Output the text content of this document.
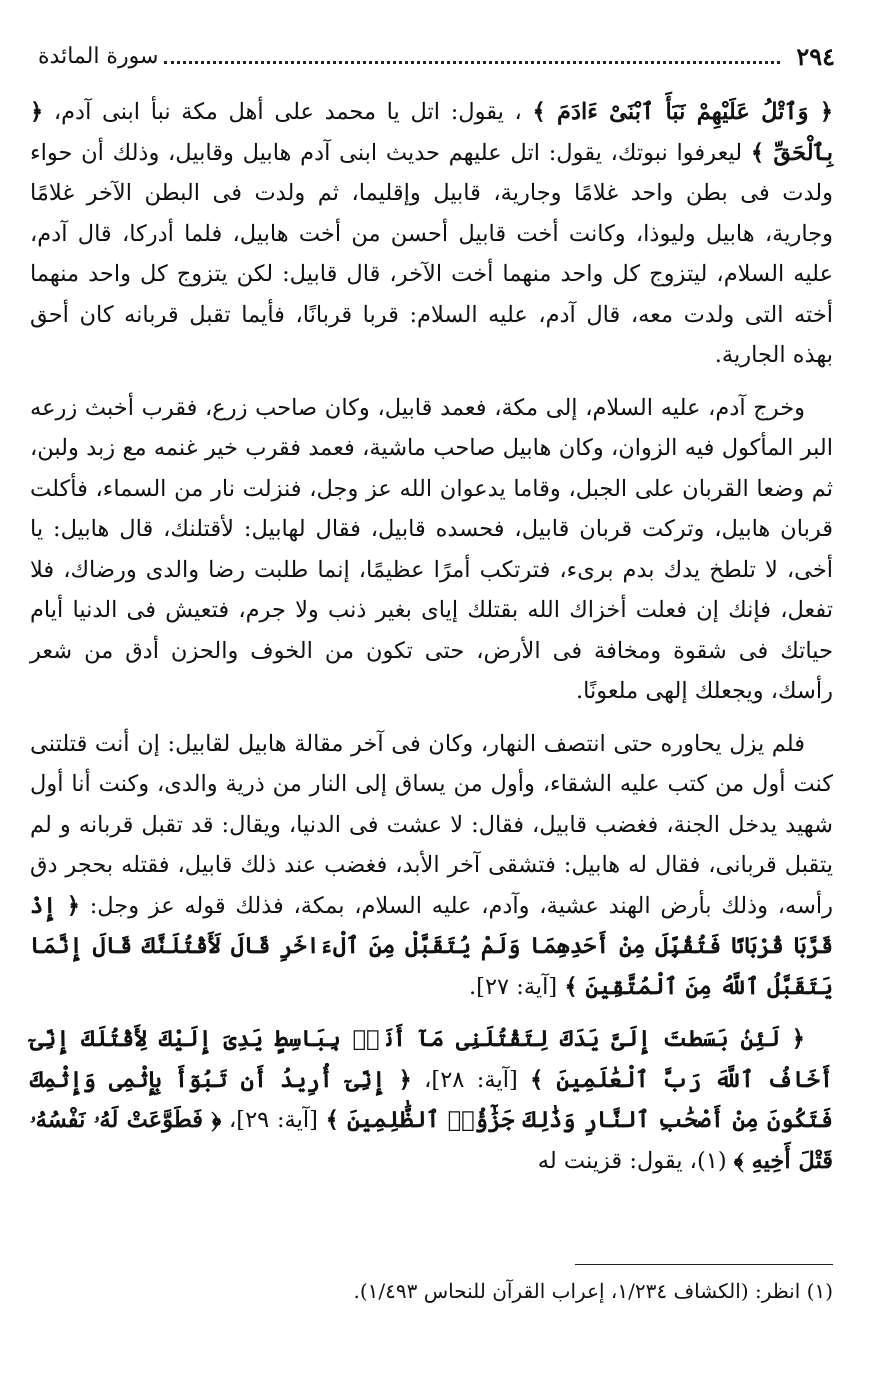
٢٩٤
سورة المائدة

﴿ وَٱتْلُ عَلَيْهِمْ نَبَأَ ٱبْنَىْ ءَادَمَ ﴾ ، يقول: اتل يا محمد على أهل مكة نبأ ابنى آدم، ﴿ بِٱلْحَقِّ ﴾ ليعرفوا نبوتك، يقول: اتل عليهم حديث ابنى آدم هابيل وقابيل، وذلك أن حواء ولدت فى بطن واحد غلامًا وجارية، قابيل وإقليما، ثم ولدت فى البطن الآخر غلامًا وجارية، هابيل وليوذا، وكانت أخت قابيل أحسن من أخت هابيل، فلما أدركا، قال آدم، عليه السلام، ليتزوج كل واحد منهما أخت الآخر، قال قابيل: لكن يتزوج كل واحد منهما أخته التى ولدت معه، قال آدم، عليه السلام: قربا قربانًا، فأيما تقبل قربانه كان أحق بهذه الجارية.

وخرج آدم، عليه السلام، إلى مكة، فعمد قابيل، وكان صاحب زرع، فقرب أخبث زرعه البر المأكول فيه الزوان، وكان هابيل صاحب ماشية، فعمد فقرب خير غنمه مع زبد ولبن، ثم وضعا القربان على الجبل، وقاما يدعوان الله عز وجل، فنزلت نار من السماء، فأكلت قربان هابيل، وتركت قربان قابيل، فحسده قابيل، فقال لهابيل: لأقتلنك، قال هابيل: يا أخى، لا تلطخ يدك بدم برىء، فترتكب أمرًا عظيمًا، إنما طلبت رضا والدى ورضاك، فلا تفعل، فإنك إن فعلت أخزاك الله بقتلك إياى بغير ذنب ولا جرم، فتعيش فى الدنيا أيام حياتك فى شقوة ومخافة فى الأرض، حتى تكون من الخوف والحزن أدق من شعر رأسك، ويجعلك إلهى ملعونًا.

فلم يزل يحاوره حتى انتصف النهار، وكان فى آخر مقالة هابيل لقابيل: إن أنت قتلتنى كنت أول من كتب عليه الشقاء، وأول من يساق إلى النار من ذرية والدى، وكنت أنا أول شهيد يدخل الجنة، فغضب قابيل، فقال: لا عشت فى الدنيا، ويقال: قد تقبل قربانه و لم يتقبل قربانى، فقال له هابيل: فتشقى آخر الأبد، فغضب عند ذلك قابيل، فقتله بحجر دق رأسه، وذلك بأرض الهند عشية، وآدم، عليه السلام، بمكة، فذلك قوله عز وجل: ﴿ إِذْ قَرَّبَا قُرْبَانًا فَتُقُبِّلَ مِنْ أَحَدِهِمَا وَلَمْ يُتَقَبَّلْ مِنَ ٱلْءَاخَرِ قَالَ لَأَقْتُلَنَّكَ قَالَ إِنَّمَا يَتَقَبَّلُ ٱللَّهُ مِنَ ٱلْمُتَّقِينَ ﴾ [آية: ٢٧].

﴿ لَئِنۢ بَسَطتَ إِلَىَّ يَدَكَ لِتَقْتُلَنِى مَآ أَنَا۠ بِبَاسِطٍ يَدِىَ إِلَيْكَ لِأَقْتُلَكَ إِنِّىٓ أَخَافُ ٱللَّهَ رَبَّ ٱلْعَٰلَمِينَ ﴾ [آية: ٢٨]، ﴿ إِنِّىٓ أُرِيدُ أَن تَبُوٓأَ بِإِثْمِى وَإِثْمِكَ فَتَكُونَ مِنْ أَصْحَٰبِ ٱلنَّارِ وَذَٰلِكَ جَزَٰٓؤُا۟ ٱلظَّٰلِمِينَ ﴾ [آية: ٢٩]، ﴿ فَطَوَّعَتْ لَهُۥ نَفْسُهُۥ قَتْلَ أَخِيهِ ﴾ (١)، يقول: قزينت له

(١) انظر: (الكشاف ١/٢٣٤، إعراب القرآن للنحاس ١/٤٩٣).
